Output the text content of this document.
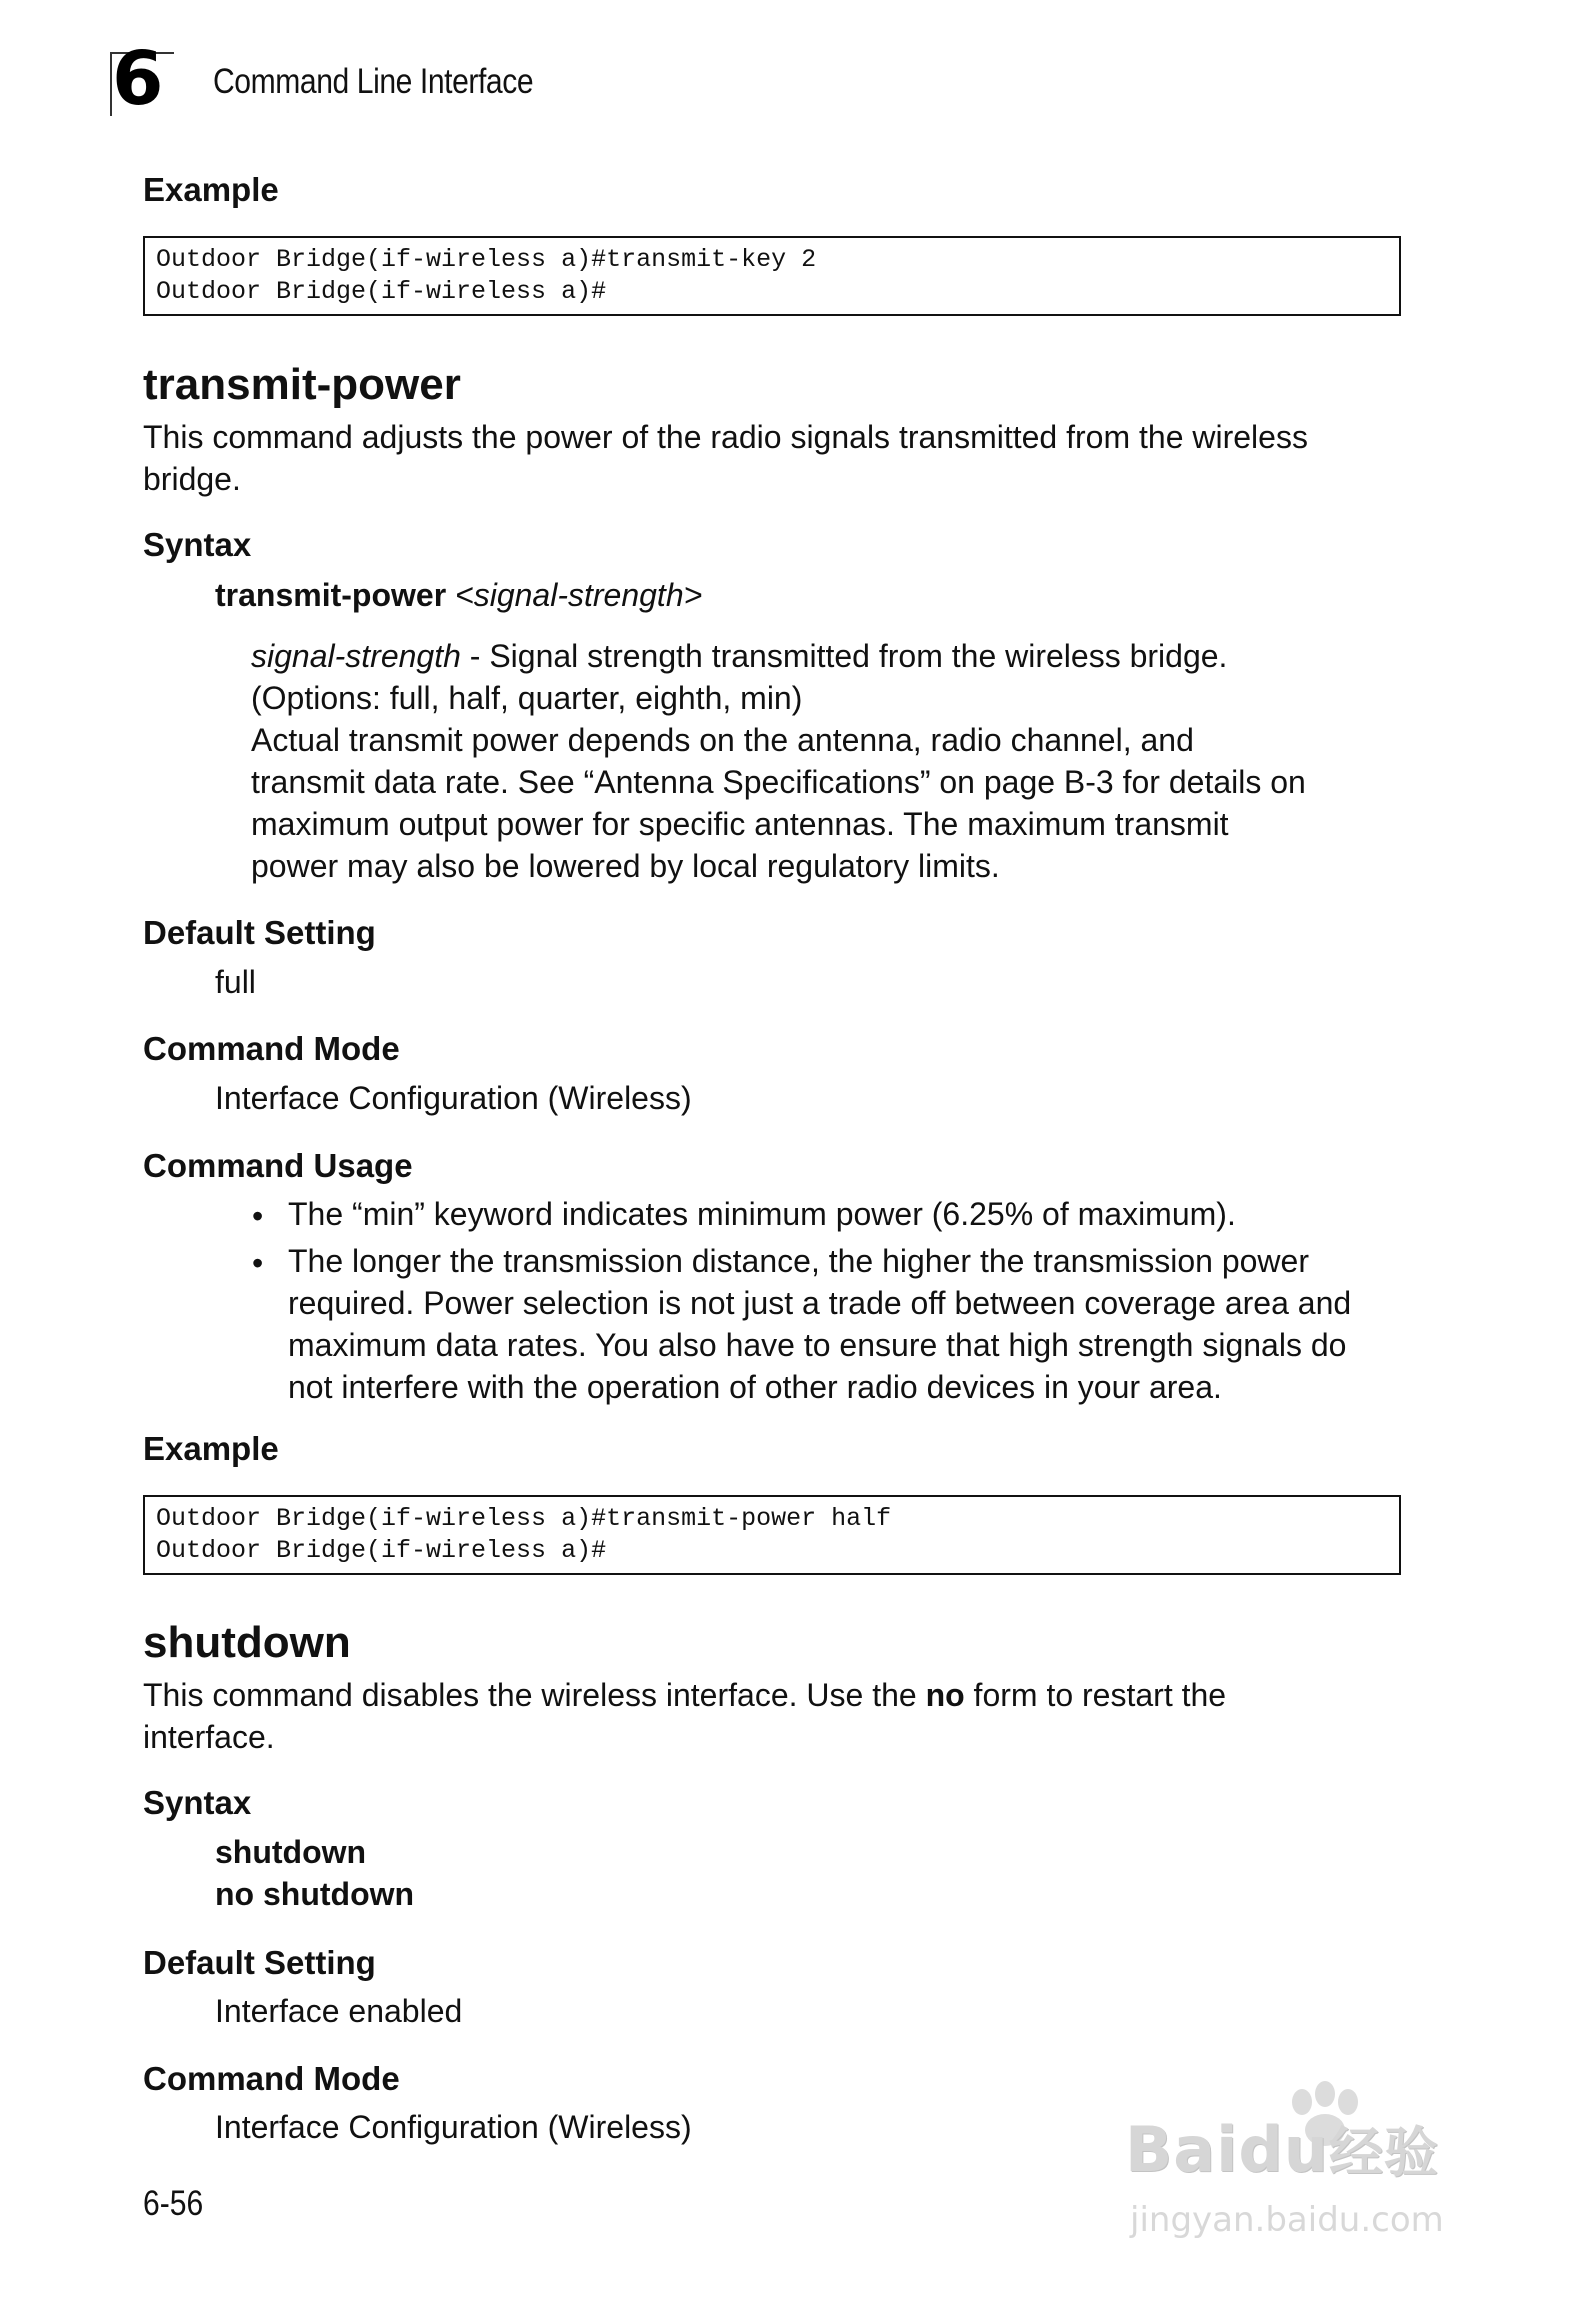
6 Command Line Interface
Example
Outdoor Bridge(if-wireless a)#transmit-key 2
Outdoor Bridge(if-wireless a)#
transmit-power
This command adjusts the power of the radio signals transmitted from the wireless
bridge.
Syntax
transmit-power <signal-strength>
signal-strength - Signal strength transmitted from the wireless bridge.
(Options: full, half, quarter, eighth, min)
Actual transmit power depends on the antenna, radio channel, and
transmit data rate. See “Antenna Specifications” on page B-3 for details on
maximum output power for specific antennas. The maximum transmit
power may also be lowered by local regulatory limits.
Default Setting
full
Command Mode
Interface Configuration (Wireless)
Command Usage
• The “min” keyword indicates minimum power (6.25% of maximum).
• The longer the transmission distance, the higher the transmission power
required. Power selection is not just a trade off between coverage area and
maximum data rates. You also have to ensure that high strength signals do
not interfere with the operation of other radio devices in your area.
Example
Outdoor Bridge(if-wireless a)#transmit-power half
Outdoor Bridge(if-wireless a)#
shutdown
This command disables the wireless interface. Use the no form to restart the
interface.
Syntax
shutdown
no shutdown
Default Setting
Interface enabled
Command Mode
Interface Configuration (Wireless)
6-56
Baidu经验
jingyan.baidu.com
